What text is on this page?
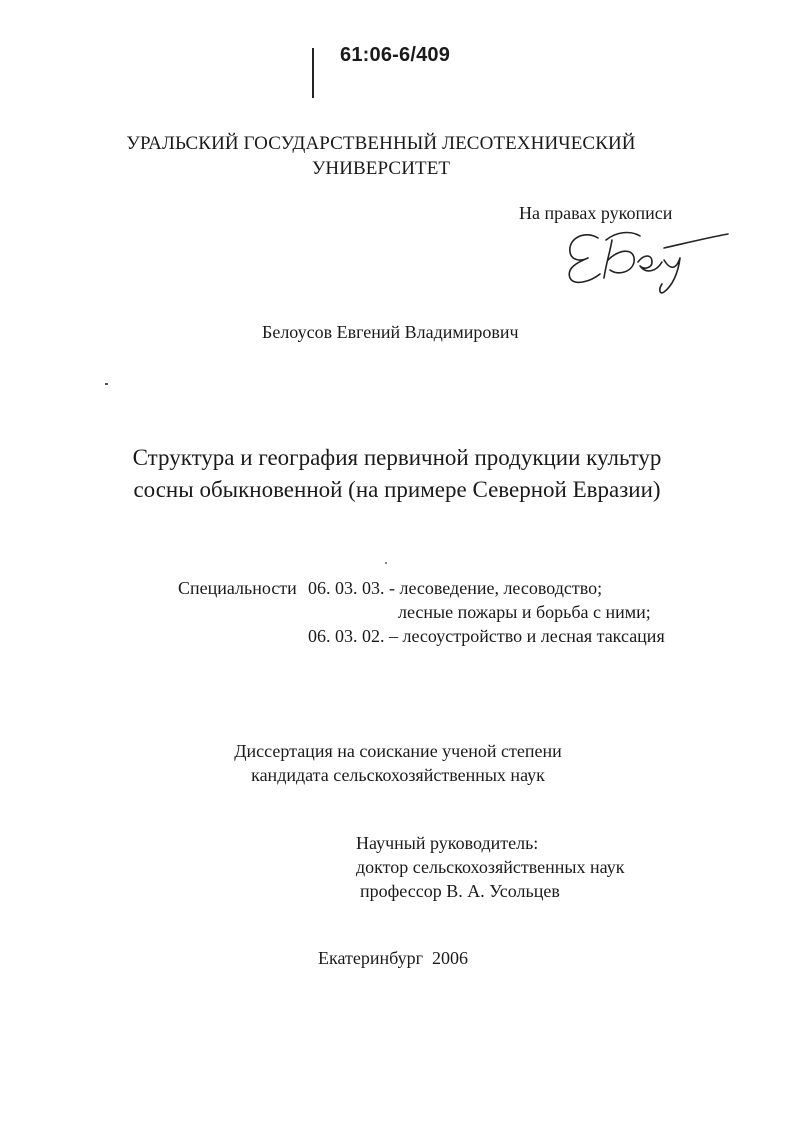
61:06-6/409
УРАЛЬСКИЙ ГОСУДАРСТВЕННЫЙ ЛЕСОТЕХНИЧЕСКИЙ
УНИВЕРСИТЕТ
На правах рукописи
Белоусов Евгений Владимирович
Структура и география первичной продукции культур
сосны обыкновенной (на примере Северной Евразии)
Специальности 06. 03. 03. - лесоведение, лесоводство;
лесные пожары и борьба с ними;
06. 03. 02. – лесоустройство и лесная таксация
Диссертация на соискание ученой степени
кандидата сельскохозяйственных наук
Научный руководитель:
доктор сельскохозяйственных наук
профессор В. А. Усольцев
Екатеринбург  2006
